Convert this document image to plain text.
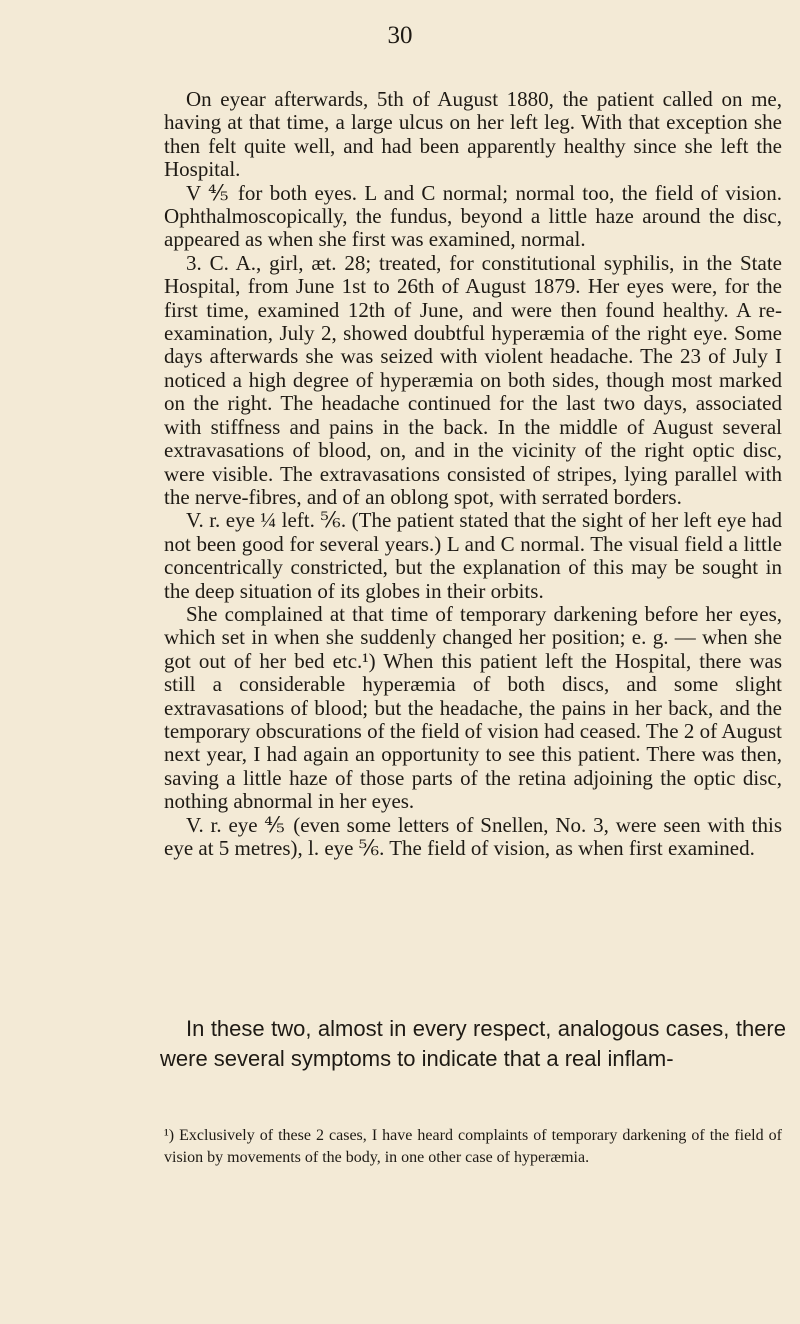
30

On eyear afterwards, 5th of August 1880, the patient called on me, having at that time, a large ulcus on her left leg. With that exception she then felt quite well, and had been apparently healthy since she left the Hospital.

V ⅘ for both eyes. L and C normal; normal too, the field of vision. Ophthalmoscopically, the fundus, beyond a little haze around the disc, appeared as when she first was examined, normal.

3. C. A., girl, æt. 28; treated, for constitutional syphilis, in the State Hospital, from June 1st to 26th of August 1879. Her eyes were, for the first time, examined 12th of June, and were then found healthy. A re-examination, July 2, showed doubtful hyperæmia of the right eye. Some days afterwards she was seized with violent headache. The 23 of July I noticed a high degree of hyperæmia on both sides, though most marked on the right. The headache continued for the last two days, associated with stiffness and pains in the back. In the middle of August several extravasations of blood, on, and in the vicinity of the right optic disc, were visible. The extravasations consisted of stripes, lying parallel with the nerve-fibres, and of an oblong spot, with serrated borders.

V. r. eye ¼ left. ⅚. (The patient stated that the sight of her left eye had not been good for several years.) L and C normal. The visual field a little concentrically constricted, but the explanation of this may be sought in the deep situation of its globes in their orbits.

She complained at that time of temporary darkening before her eyes, which set in when she suddenly changed her position; e. g. — when she got out of her bed etc.¹) When this patient left the Hospital, there was still a considerable hyperæmia of both discs, and some slight extravasations of blood; but the headache, the pains in her back, and the temporary obscurations of the field of vision had ceased. The 2 of August next year, I had again an opportunity to see this patient. There was then, saving a little haze of those parts of the retina adjoining the optic disc, nothing abnormal in her eyes.

V. r. eye ⅘ (even some letters of Snellen, No. 3, were seen with this eye at 5 metres), l. eye ⅚. The field of vision, as when first examined.

In these two, almost in every respect, analogous cases, there were several symptoms to indicate that a real inflam-

¹) Exclusively of these 2 cases, I have heard complaints of temporary darkening of the field of vision by movements of the body, in one other case of hyperæmia.
